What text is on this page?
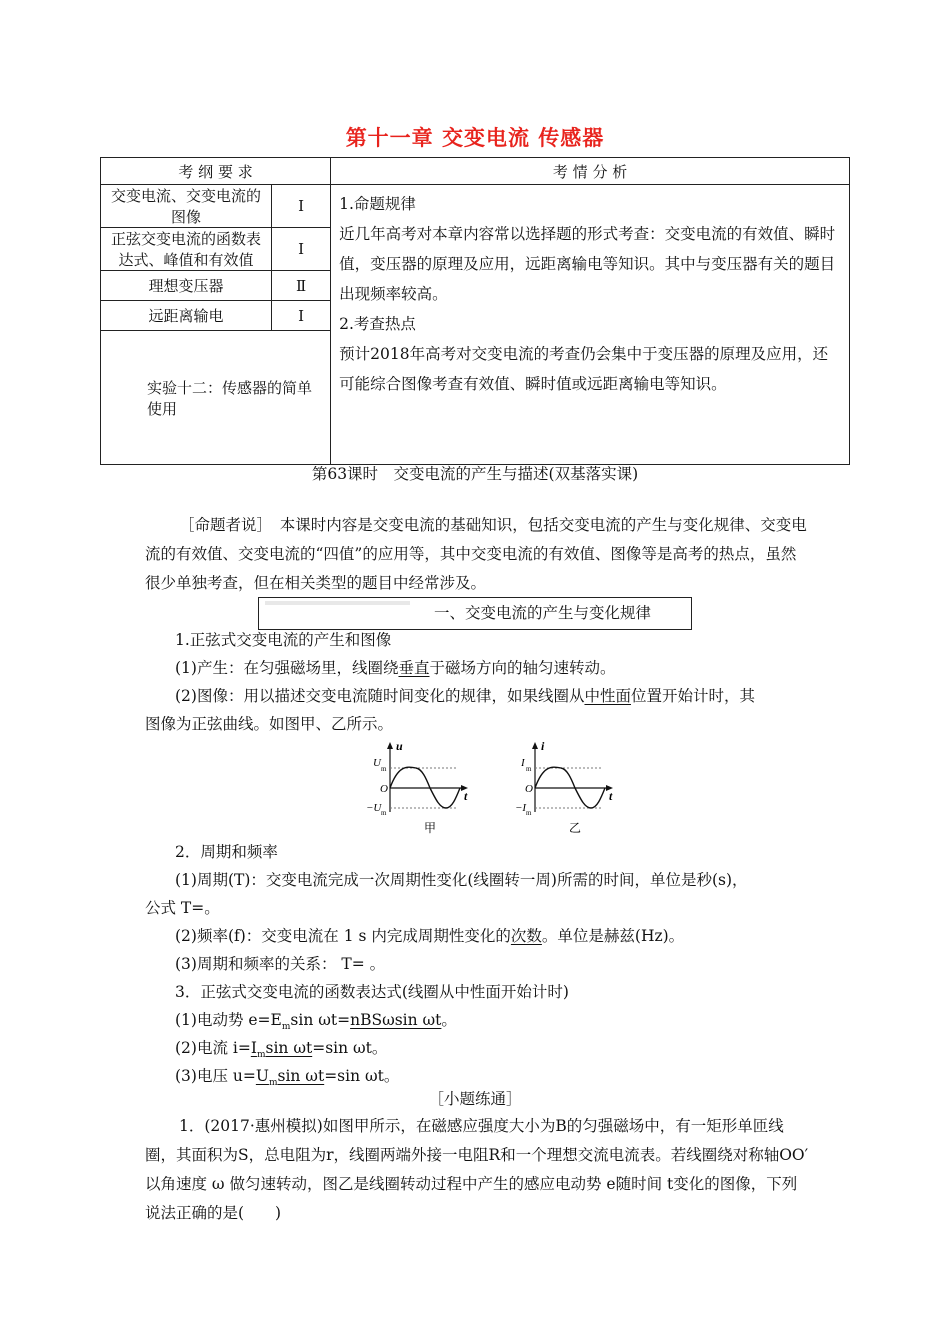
第十一章 交变电流 传感器
考 纲 要 求		考 情 分 析
交变电流、交变电流的图像	Ⅰ	1.命题规律
近几年高考对本章内容常以选择题的形式考查：交变电流的有效值、瞬时值，变压器的原理及应用，远距离输电等知识。其中与变压器有关的题目出现频率较高。
2.考查热点
预计2018年高考对交变电流的考查仍会集中于变压器的原理及应用，还可能综合图像考查有效值、瞬时值或远距离输电等知识。

正弦交变电流的函数表达式、峰值和有效值	Ⅰ	
理想变压器	Ⅱ	
远距离输电	Ⅰ	
实验十二：传感器的简单使用		
第63课时　交变电流的产生与描述(双基落实课)
［命题者说］　本课时内容是交变电流的基础知识，包括交变电流的产生与变化规律、交变电流的有效值、交变电流的“四值”的应用等，其中交变电流的有效值、图像等是高考的热点，虽然很少单独考查，但在相关类型的题目中经常涉及。
一、交变电流的产生与变化规律
1.正弦式交变电流的产生和图像
(1)产生：在匀强磁场里，线圈绕垂直于磁场方向的轴匀速转动。
(2)图像：用以描述交变电流随时间变化的规律，如果线圈从中性面位置开始计时，其
图像为正弦曲线。如图甲、乙所示。
u
t
U m
O
−U m
甲
i
t
I m
O
−I m
乙
2．周期和频率
(1)周期(T)：交变电流完成一次周期性变化(线圈转一周)所需的时间，单位是秒(s)，
公式 T=。
(2)频率(f)：交变电流在 1 s 内完成周期性变化的次数。单位是赫兹(Hz)。
(3)周期和频率的关系： T= 。
3．正弦式交变电流的函数表达式(线圈从中性面开始计时)
(1)电动势 $e=E_m\sin$ ωt=nBSωsin ωt。
(2)电流 $i=I_m\sin$ ωt=sin ωt。
(3)电压 $u=U_m\sin$ ωt=sin ωt。
［小题练通］
1．(2017·惠州模拟)如图甲所示，在磁感应强度大小为B的匀强磁场中，有一矩形单匝线圈，其面积为S，总电阻为r，线圈两端外接一电阻R和一个理想交流电流表。若线圈绕对称轴OO′ 以角速度 ω 做匀速转动，图乙是线圈转动过程中产生的感应电动势 e随时间 t变化的图像，下列说法正确的是(　　)
